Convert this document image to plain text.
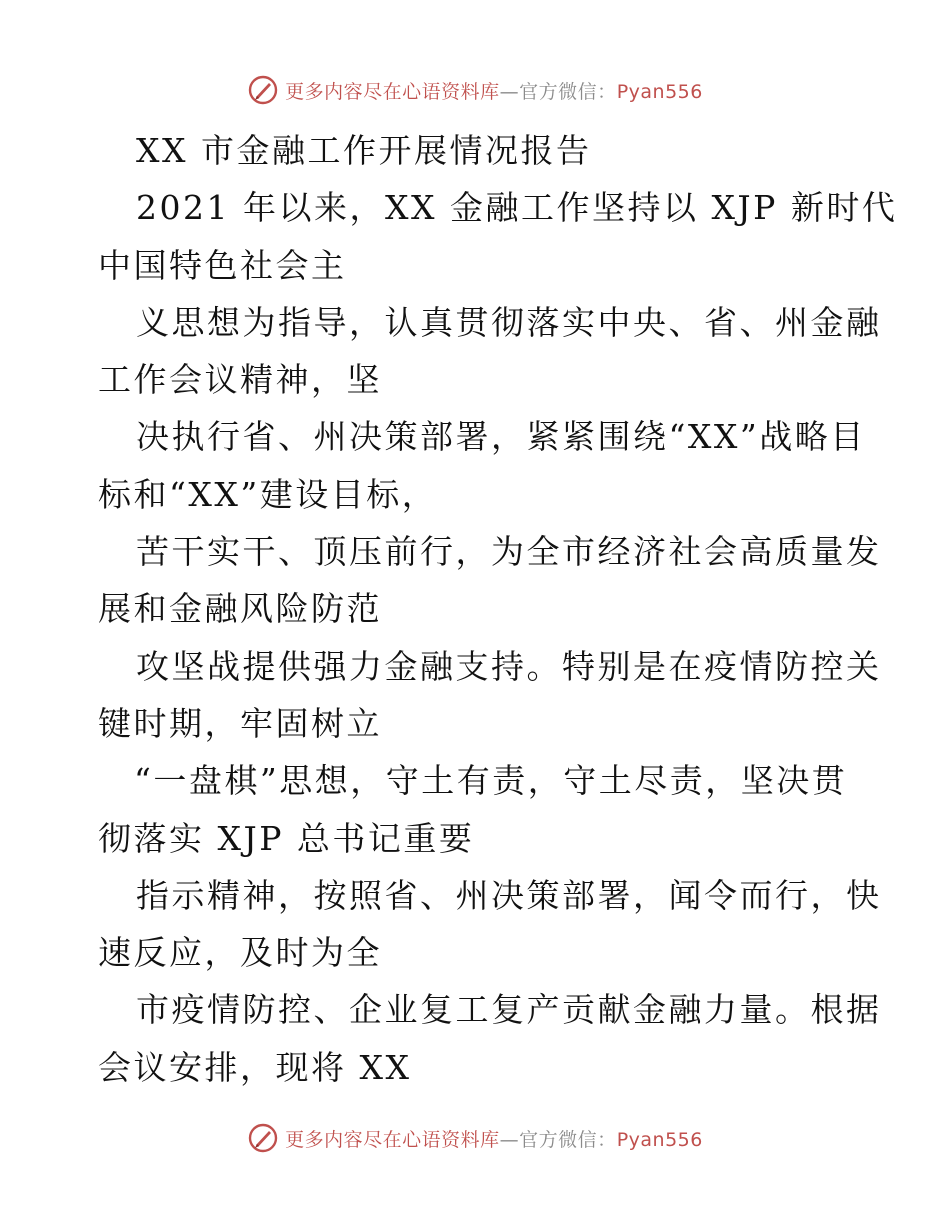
更多内容尽在心语资料库—官方微信：Pyan556
XX 市金融工作开展情况报告
2021 年以来，XX 金融工作坚持以 XJP 新时代
中国特色社会主
义思想为指导，认真贯彻落实中央、省、州金融
工作会议精神，坚
决执行省、州决策部署，紧紧围绕“XX”战略目
标和“XX”建设目标，
苦干实干、顶压前行，为全市经济社会高质量发
展和金融风险防范
攻坚战提供强力金融支持。特别是在疫情防控关
键时期，牢固树立
“一盘棋”思想，守土有责，守土尽责，坚决贯
彻落实 XJP 总书记重要
指示精神，按照省、州决策部署，闻令而行，快
速反应，及时为全
市疫情防控、企业复工复产贡献金融力量。根据
会议安排，现将 XX
更多内容尽在心语资料库—官方微信：Pyan556
